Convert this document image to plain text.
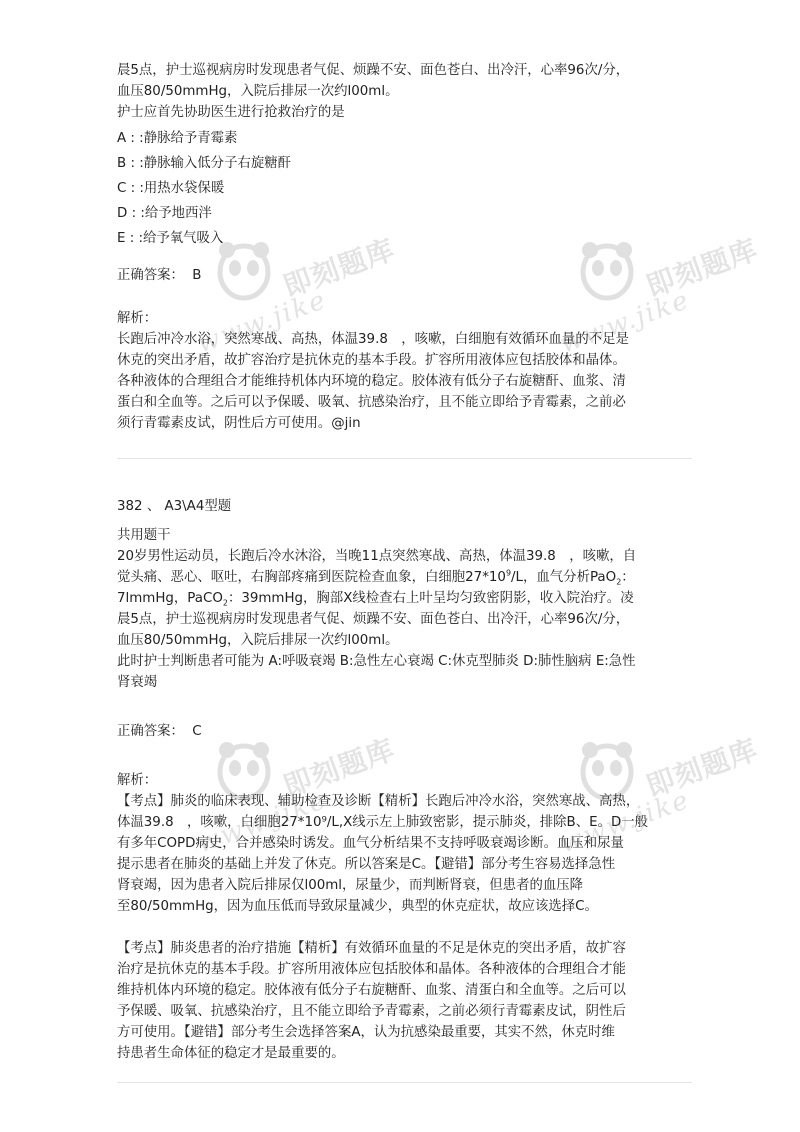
即刻题库
www.jike
即刻题库
www.jike
即刻题库
www.jike
即刻题库
www.jike

晨5点，护士巡视病房时发现患者气促、烦躁不安、面色苍白、出冷汗，心率96次/分，

血压80/50mmHg，入院后排尿一次约l00ml。

护士应首先协助医生进行抢救治疗的是

A : :静脉给予青霉素

B : :静脉输入低分子右旋糖酐

C : :用热水袋保暖

D : :给予地西泮

E : :给予氧气吸入

正确答案： B

解析：

长跑后冲冷水浴，突然寒战、高热，体温39.8　，咳嗽，白细胞有效循环血量的不足是

休克的突出矛盾，故扩容治疗是抗休克的基本手段。扩容所用液体应包括胶体和晶体。

各种液体的合理组合才能维持机体内环境的稳定。胶体液有低分子右旋糖酐、血浆、清

蛋白和全血等。之后可以予保暖、吸氧、抗感染治疗，且不能立即给予青霉素，之前必

须行青霉素皮试，阴性后方可使用。@jin

382 、 A3\A4型题

共用题干

20岁男性运动员，长跑后冷水沐浴，当晚11点突然寒战、高热，体温39.8　，咳嗽，自

觉头痛、恶心、呕吐，右胸部疼痛到医院检查血象，白细胞$27*10^9/L$，血气分析PaO$_2$：

7lmmHg，PaCO$_2$：39mmHg，胸部X线检查右上叶呈均匀致密阴影，收入院治疗。凌

晨5点，护士巡视病房时发现患者气促、烦躁不安、面色苍白、出冷汗，心率96次/分，

血压80/50mmHg，入院后排尿一次约l00ml。

此时护士判断患者可能为 A:呼吸衰竭 B:急性左心衰竭 C:休克型肺炎 D:肺性脑病 E:急性

肾衰竭

正确答案： C

解析：

【考点】肺炎的临床表现、辅助检查及诊断【精析】长跑后冲冷水浴，突然寒战、高热，

体温39.8　，咳嗽，白细胞27*10⁹/L,X线示左上肺致密影，提示肺炎，排除B、E。D一般

有多年COPD病史，合并感染时诱发。血气分析结果不支持呼吸衰竭诊断。血压和尿量

提示患者在肺炎的基础上并发了休克。所以答案是C。【避错】部分考生容易选择急性

肾衰竭，因为患者入院后排尿仅l00ml，尿量少，而判断肾衰，但患者的血压降

至80/50mmHg，因为血压低而导致尿量减少，典型的休克症状，故应该选择C。

【考点】肺炎患者的治疗措施【精析】有效循环血量的不足是休克的突出矛盾，故扩容

治疗是抗休克的基本手段。扩容所用液体应包括胶体和晶体。各种液体的合理组合才能

维持机体内环境的稳定。胶体液有低分子右旋糖酐、血浆、清蛋白和全血等。之后可以

予保暖、吸氧、抗感染治疗，且不能立即给予青霉素，之前必须行青霉素皮试，阴性后

方可使用。【避错】部分考生会选择答案A，认为抗感染最重要，其实不然，休克时维

持患者生命体征的稳定才是最重要的。
